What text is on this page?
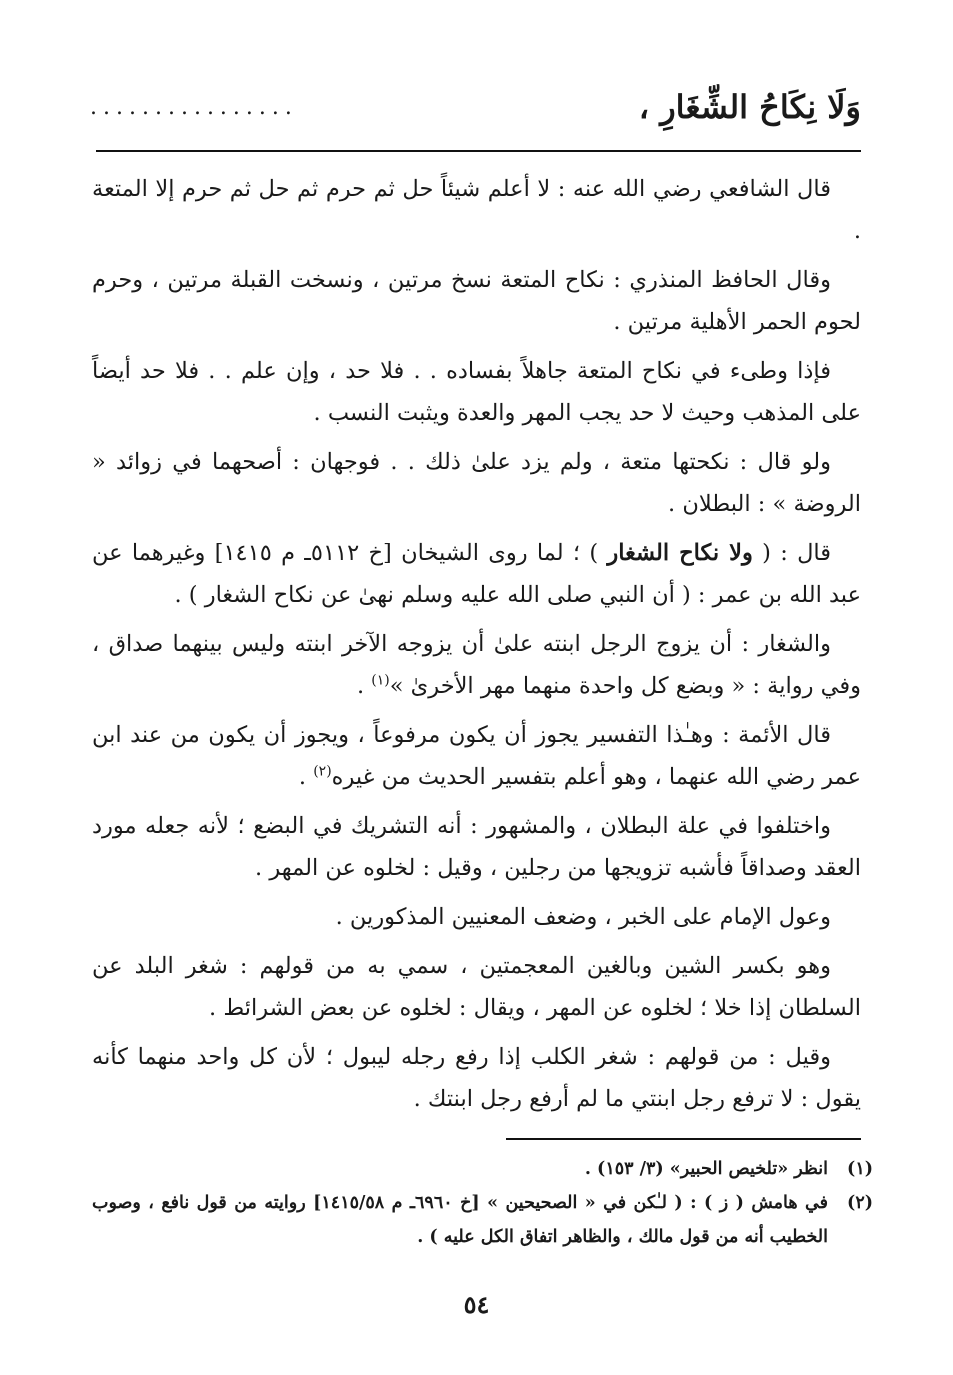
وَلَا نِكَاحُ الشِّغَارِ ،
................

قال الشافعي رضي الله عنه : لا أعلم شيئاً حل ثم حرم ثم حل ثم حرم إلا المتعة .

وقال الحافظ المنذري : نكاح المتعة نسخ مرتين ، ونسخت القبلة مرتين ، وحرم لحوم الحمر الأهلية مرتين .

فإذا وطىء في نكاح المتعة جاهلاً بفساده . . فلا حد ، وإن علم . . فلا حد أيضاً على المذهب وحيث لا حد يجب المهر والعدة ويثبت النسب .

ولو قال : نكحتها متعة ، ولم يزد علىٰ ذلك . . فوجهان : أصحهما في زوائد « الروضة » : البطلان .

قال : ( ولا نكاح الشغار ) ؛ لما روى الشيخان [خ ٥١١٢ـ م ١٤١٥] وغيرهما عن عبد الله بن عمر : ( أن النبي صلى الله عليه وسلم نهىٰ عن نكاح الشغار ) .

والشغار : أن يزوج الرجل ابنته علىٰ أن يزوجه الآخر ابنته وليس بينهما صداق ، وفي رواية : « وبضع كل واحدة منهما مهر الأخرىٰ »$^{(١)}$ .

قال الأئمة : وهـٰذا التفسير يجوز أن يكون مرفوعاً ، ويجوز أن يكون من عند ابن عمر رضي الله عنهما ، وهو أعلم بتفسير الحديث من غيره$^{(٢)}$ .

واختلفوا في علة البطلان ، والمشهور : أنه التشريك في البضع ؛ لأنه جعله مورد العقد وصداقاً فأشبه تزويجها من رجلين ، وقيل : لخلوه عن المهر .

وعول الإمام على الخبر ، وضعف المعنيين المذكورين .

وهو بكسر الشين وبالغين المعجمتين ، سمي به من قولهم : شغر البلد عن السلطان إذا خلا ؛ لخلوه عن المهر ، ويقال : لخلوه عن بعض الشرائط .

وقيل : من قولهم : شغر الكلب إذا رفع رجله ليبول ؛ لأن كل واحد منهما كأنه يقول : لا ترفع رجل ابنتي ما لم أرفع رجل ابنتك .

(١)
انظر «تلخيص الحبير» (٣/ ١٥٣) .
(٢)
في هامش ( ز ) : ( لـٰكن في « الصحيحين » [خ ٦٩٦٠ـ م ١٤١٥/٥٨] روايته من قول نافع ، وصوب الخطيب أنه من قول مالك ، والظاهر اتفاق الكل عليه ) .
٥٤
